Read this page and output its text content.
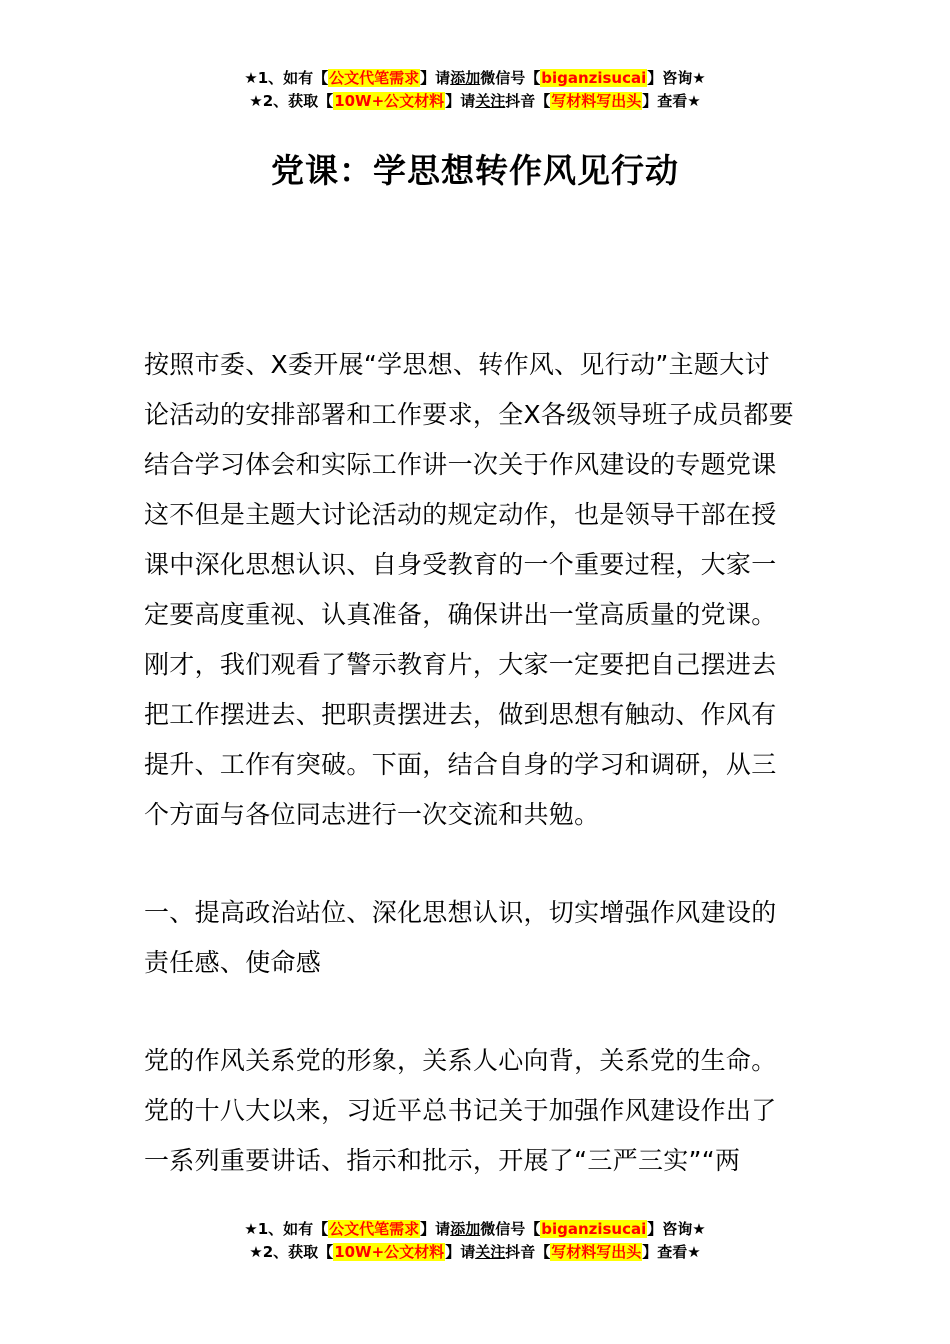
★1、如有【公文代笔需求】请添加微信号【biganzisucai】咨询★
★2、获取【10W+公文材料】请关注抖音【写材料写出头】查看★
党课：学思想转作风见行动
按照市委、X委开展“学思想、转作风、见行动”主题大讨
论活动的安排部署和工作要求，全X各级领导班子成员都要
结合学习体会和实际工作讲一次关于作风建设的专题党课
这不但是主题大讨论活动的规定动作，也是领导干部在授
课中深化思想认识、自身受教育的一个重要过程，大家一
定要高度重视、认真准备，确保讲出一堂高质量的党课。
刚才，我们观看了警示教育片，大家一定要把自己摆进去
把工作摆进去、把职责摆进去，做到思想有触动、作风有
提升、工作有突破。下面，结合自身的学习和调研，从三
个方面与各位同志进行一次交流和共勉。
一、提高政治站位、深化思想认识，切实增强作风建设的
责任感、使命感
党的作风关系党的形象，关系人心向背，关系党的生命。
党的十八大以来，习近平总书记关于加强作风建设作出了
一系列重要讲话、指示和批示，开展了“三严三实”“两
★1、如有【公文代笔需求】请添加微信号【biganzisucai】咨询★
★2、获取【10W+公文材料】请关注抖音【写材料写出头】查看★
